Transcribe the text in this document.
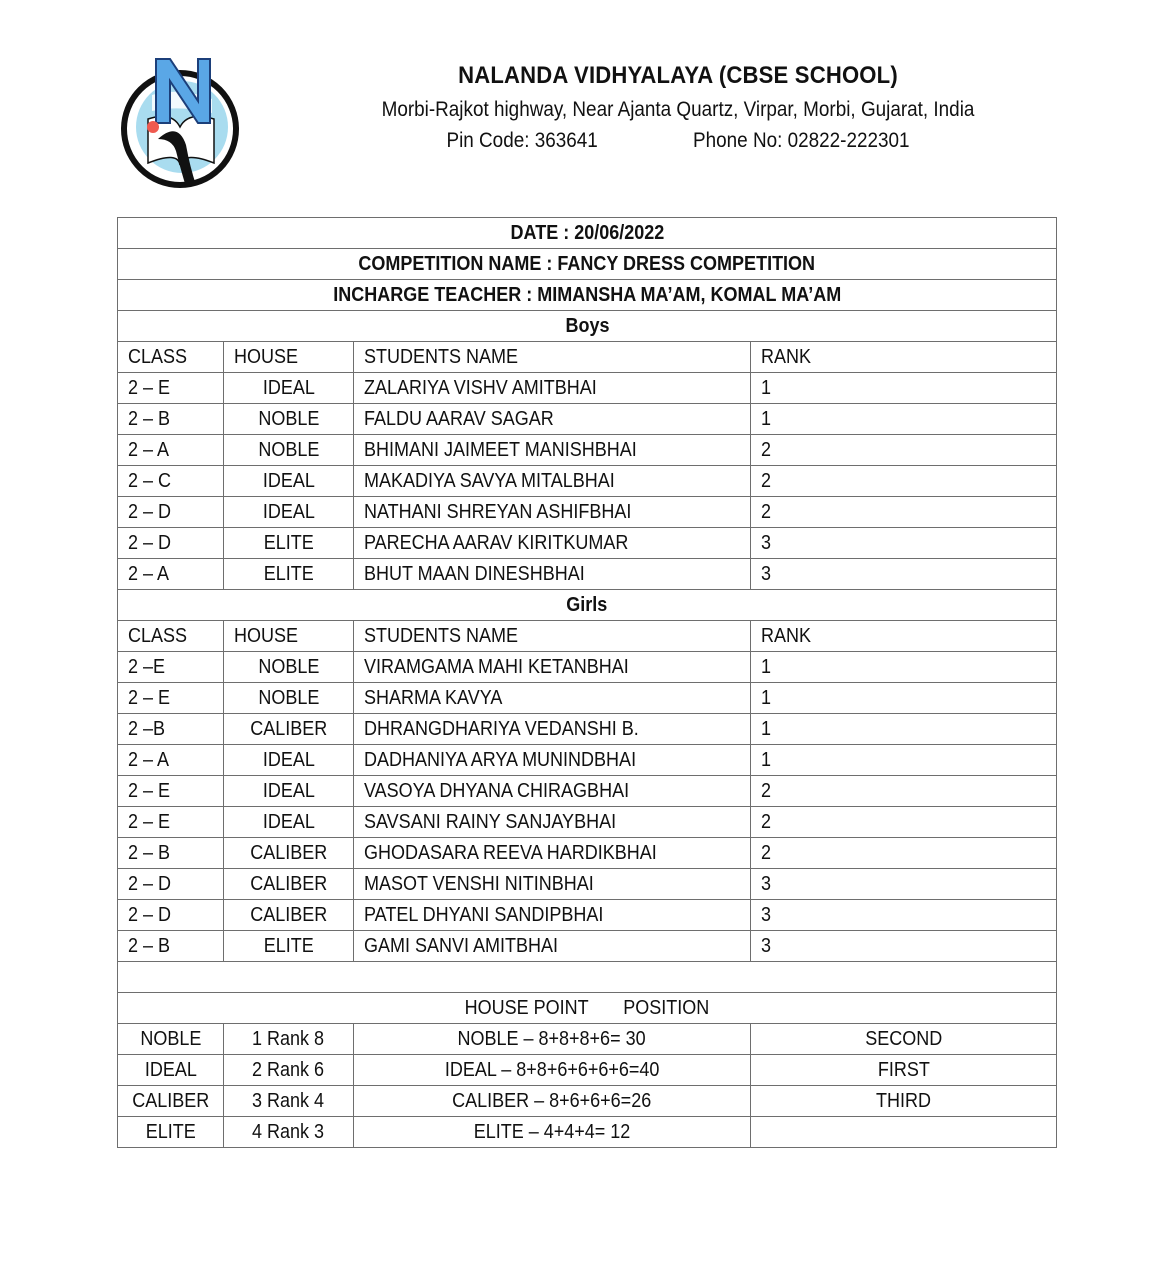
NALANDA VIDHYALAYA (CBSE SCHOOL)
Morbi-Rajkot highway, Near Ajanta Quartz, Virpar, Morbi, Gujarat, India
Pin Code: 363641	Phone No: 02822-222301
DATE : 20/06/2022			
COMPETITION NAME : FANCY DRESS COMPETITION			
INCHARGE TEACHER : MIMANSHA MA’AM, KOMAL MA’AM			
Boys			
CLASS	HOUSE	STUDENTS NAME	RANK
2 – E	IDEAL	ZALARIYA VISHV AMITBHAI	1
2 – B	NOBLE	FALDU AARAV SAGAR	1
2 – A	NOBLE	BHIMANI JAIMEET MANISHBHAI	2
2 – C	IDEAL	MAKADIYA SAVYA MITALBHAI	2
2 – D	IDEAL	NATHANI SHREYAN ASHIFBHAI	2
2 – D	ELITE	PARECHA AARAV KIRITKUMAR	3
2 – A	ELITE	BHUT MAAN DINESHBHAI	3
Girls			
CLASS	HOUSE	STUDENTS NAME	RANK
2 –E	NOBLE	VIRAMGAMA MAHI KETANBHAI	1
2 – E	NOBLE	SHARMA KAVYA	1
2 –B	CALIBER	DHRANGDHARIYA VEDANSHI B.	1
2 – A	IDEAL	DADHANIYA ARYA MUNINDBHAI	1
2 – E	IDEAL	VASOYA DHYANA CHIRAGBHAI	2
2 – E	IDEAL	SAVSANI RAINY SANJAYBHAI	2
2 – B	CALIBER	GHODASARA REEVA HARDIKBHAI	2
2 – D	CALIBER	MASOT VENSHI NITINBHAI	3
2 – D	CALIBER	PATEL DHYANI SANDIPBHAI	3
2 – B	ELITE	GAMI SANVI AMITBHAI	3

HOUSE POINT       POSITION			
NOBLE	1 Rank 8	NOBLE – 8+8+8+6= 30	SECOND
IDEAL	2 Rank 6	IDEAL – 8+8+6+6+6+6=40	FIRST
CALIBER	3 Rank 4	CALIBER – 8+6+6+6=26	THIRD
ELITE	4 Rank 3	ELITE – 4+4+4= 12	
